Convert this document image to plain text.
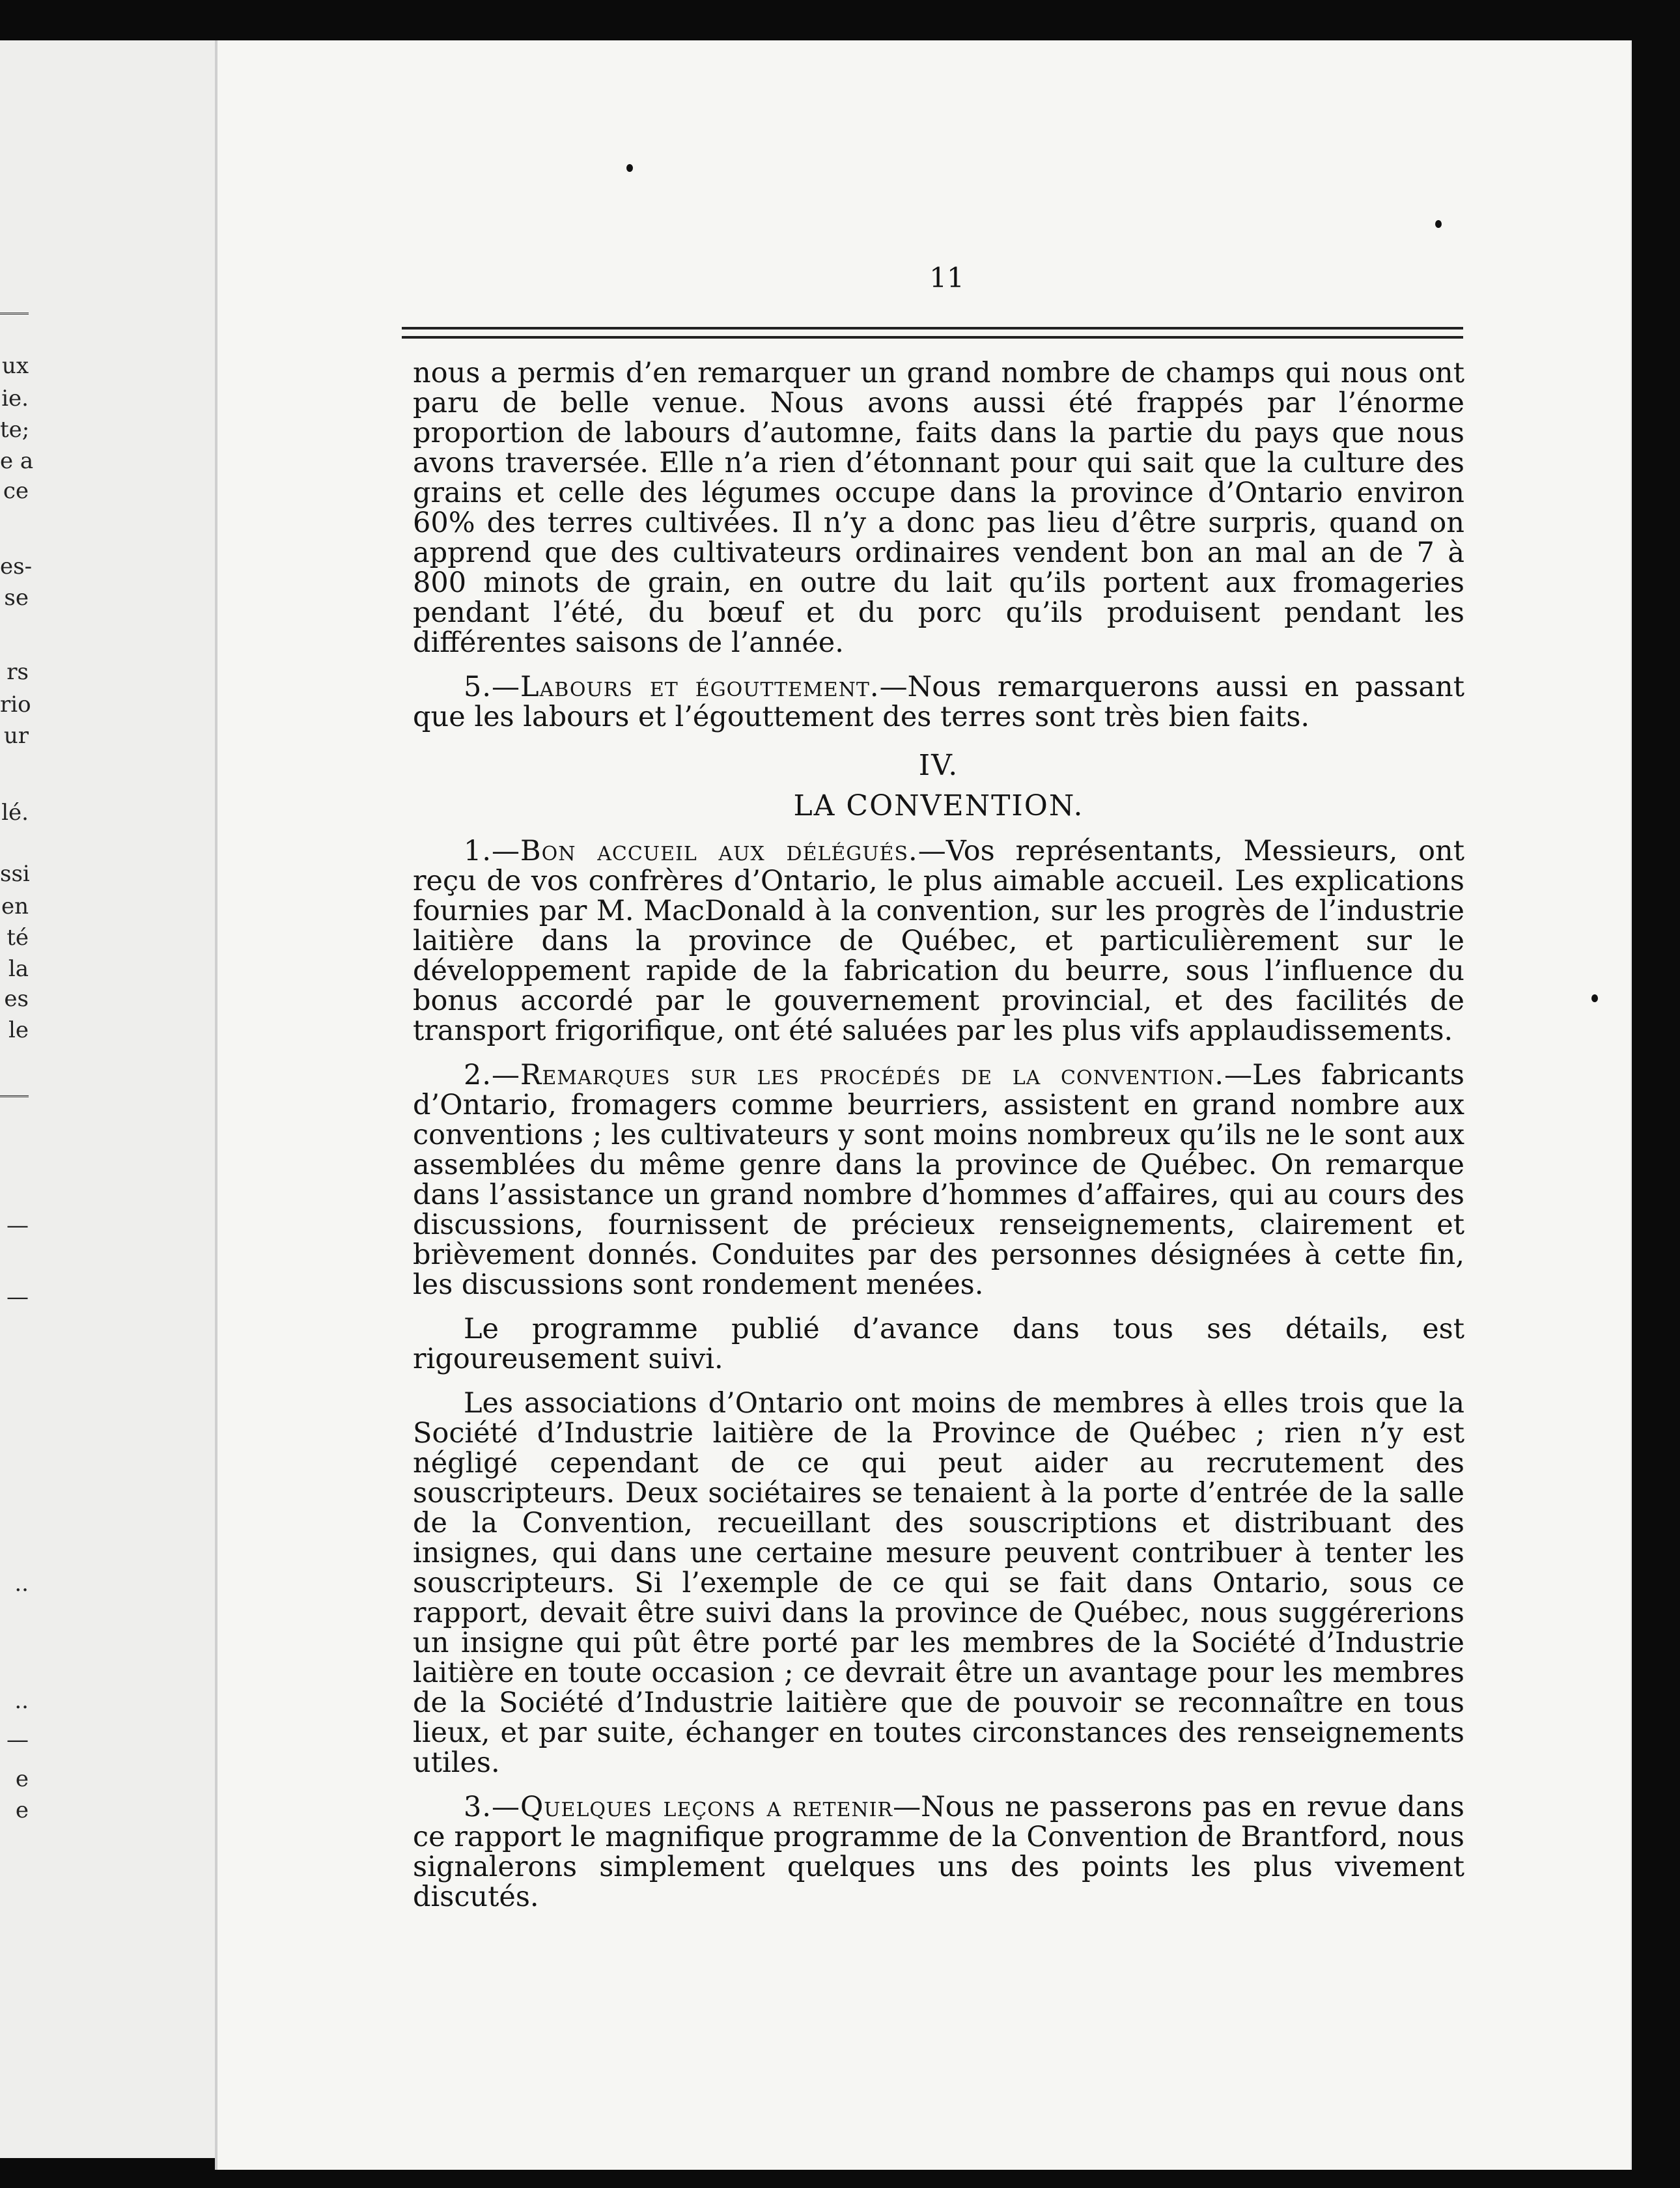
ux
ie.
te;
e a
ce
es-
se
rs
rio
ur
lé.
ssi
en
té
la
es
le
—
—
..
..
—
e
e
11

nous a permis d’en remarquer un grand nombre de champs qui nous ont paru de belle venue. Nous avons aussi été frappés par l’énorme proportion de labours d’automne, faits dans la partie du pays que nous avons traversée. Elle n’a rien d’étonnant pour qui sait que la culture des grains et celle des légumes occupe dans la province d’Ontario environ 60% des terres cultivées. Il n’y a donc pas lieu d’être surpris, quand on apprend que des cultivateurs ordinaires vendent bon an mal an de 7 à 800 minots de grain, en outre du lait qu’ils portent aux fromageries pendant l’été, du bœuf et du porc qu’ils produisent pendant les différentes saisons de l’année.

5.—Labours et égouttement.—Nous remarquerons aussi en passant que les labours et l’égouttement des terres sont très bien faits.

IV.
LA CONVENTION.

1.—Bon accueil aux délégués.—Vos représentants, Messieurs, ont reçu de vos confrères d’Ontario, le plus aimable accueil. Les explications fournies par M. MacDonald à la convention, sur les progrès de l’industrie laitière dans la province de Québec, et particulièrement sur le développement rapide de la fabrication du beurre, sous l’influence du bonus accordé par le gouvernement provincial, et des facilités de transport frigorifique, ont été saluées par les plus vifs applaudissements.

2.—Remarques sur les procédés de la convention.—Les fabricants d’Ontario, fromagers comme beurriers, assistent en grand nombre aux conventions ; les cultivateurs y sont moins nombreux qu’ils ne le sont aux assemblées du même genre dans la province de Québec. On remarque dans l’assistance un grand nombre d’hommes d’affaires, qui au cours des discussions, fournissent de précieux renseignements, clairement et brièvement donnés. Conduites par des personnes désignées à cette fin, les discussions sont rondement menées.

Le programme publié d’avance dans tous ses détails, est rigoureusement suivi.

Les associations d’Ontario ont moins de membres à elles trois que la Société d’Industrie laitière de la Province de Québec ; rien n’y est négligé cependant de ce qui peut aider au recrutement des souscripteurs. Deux sociétaires se tenaient à la porte d’entrée de la salle de la Convention, recueillant des souscriptions et distribuant des insignes, qui dans une certaine mesure peuvent contribuer à tenter les souscripteurs. Si l’exemple de ce qui se fait dans Ontario, sous ce rapport, devait être suivi dans la province de Québec, nous suggérerions un insigne qui pût être porté par les membres de la Société d’Industrie laitière en toute occasion ; ce devrait être un avantage pour les membres de la Société d’Industrie laitière que de pouvoir se reconnaître en tous lieux, et par suite, échanger en toutes circonstances des renseignements utiles.

3.—Quelques leçons a retenir—Nous ne passerons pas en revue dans ce rapport le magnifique programme de la Convention de Brantford, nous signalerons simplement quelques uns des points les plus vivement discutés.
